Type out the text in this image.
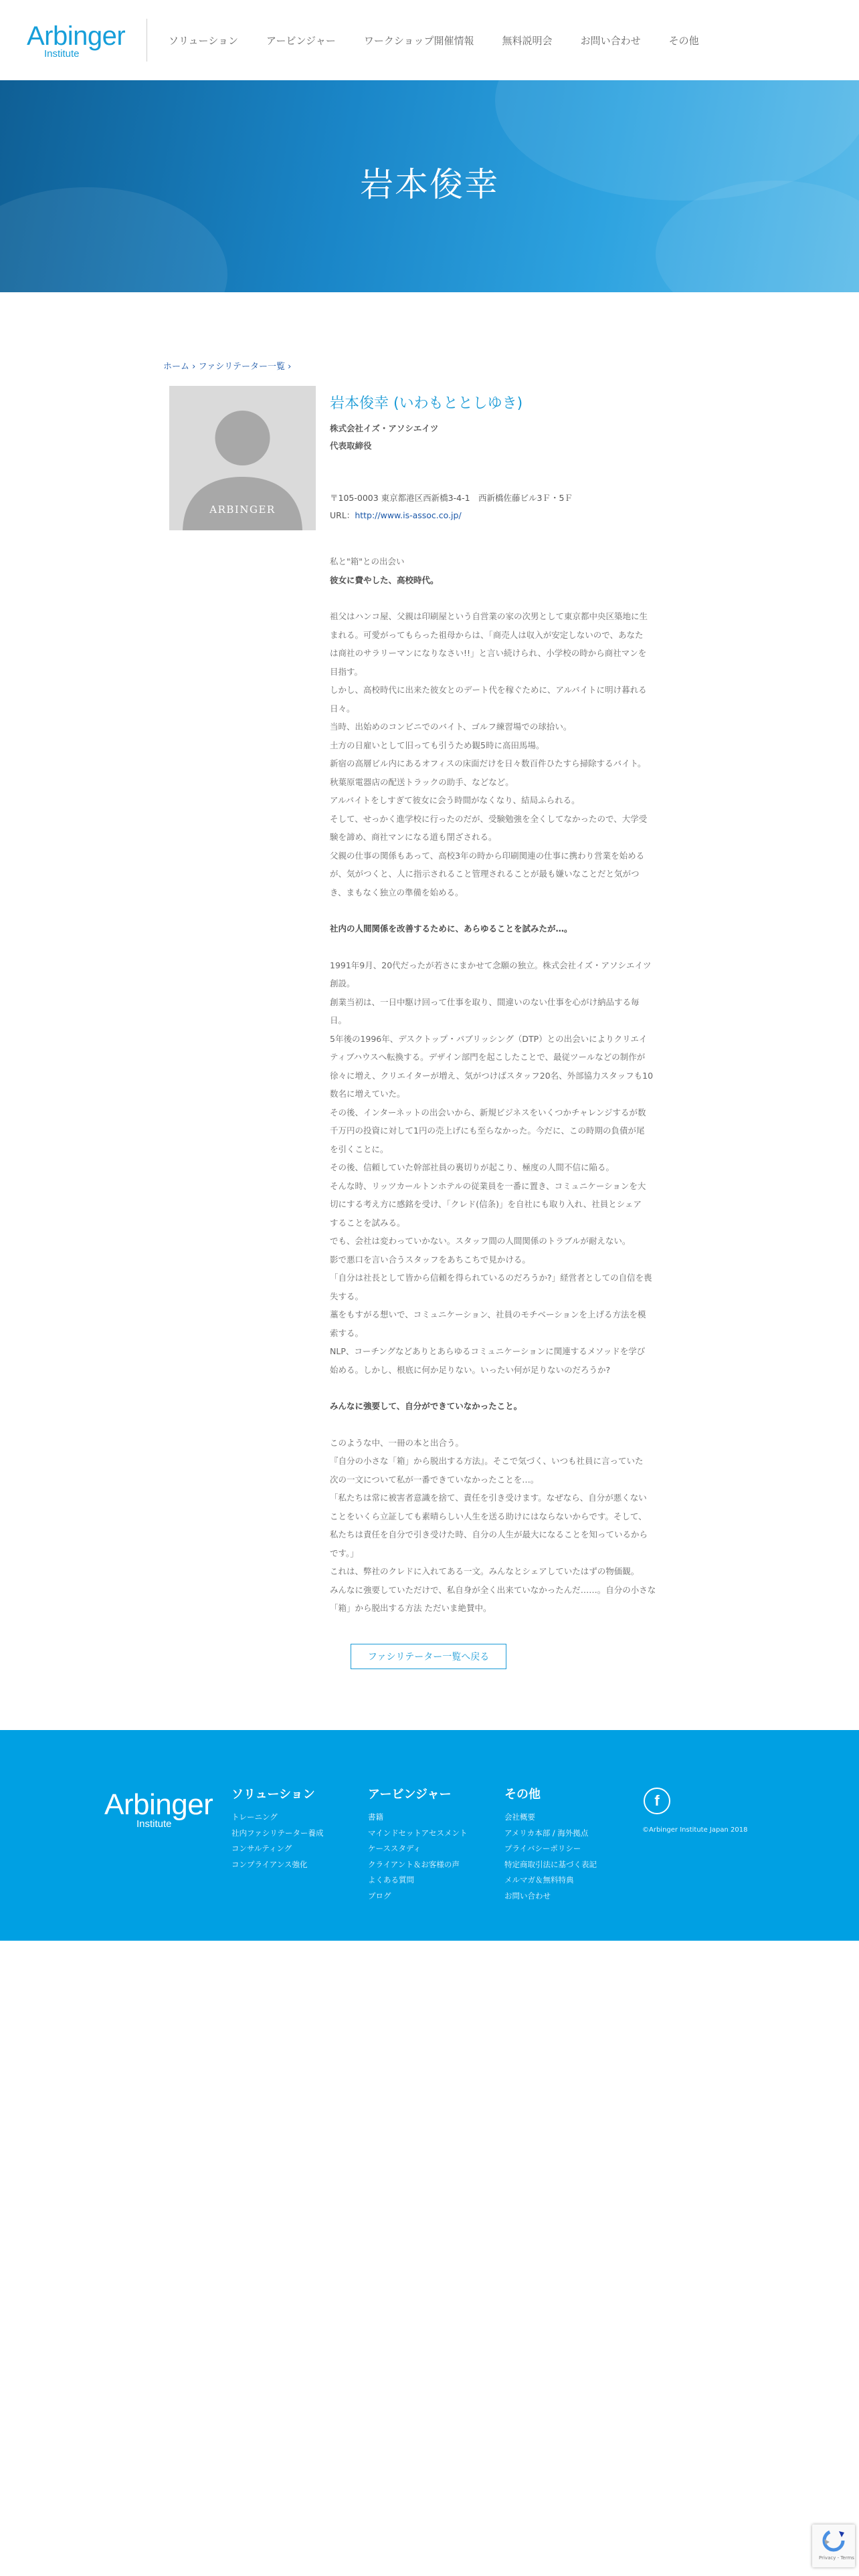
Arbinger
Institute
ソリューション	アービンジャー	ワークショップ開催情報	無料説明会	お問い合わせ	その他
岩本俊幸
ホーム › ファシリテーター一覧 ›
ARBINGER
岩本俊幸 (いわもととしゆき)
株式会社イズ・アソシエイツ
代表取締役
〒105-0003 東京都港区西新橋3-4-1　西新橋佐藤ビル3Ｆ・5Ｆ
URL：http://www.is-assoc.co.jp/
私と"箱"との出会い
彼女に費やした、高校時代。
祖父はハンコ屋、父親は印刷屋という自営業の家の次男として東京都中央区築地に生
まれる。可愛がってもらった祖母からは、「商売人は収入が安定しないので、あなた
は商社のサラリーマンになりなさい!!」と言い続けられ、小学校の時から商社マンを
目指す。
しかし、高校時代に出来た彼女とのデート代を稼ぐために、アルバイトに明け暮れる
日々。
当時、出始めのコンビニでのバイト、ゴルフ練習場での球拾い。
土方の日雇いとして旧っても引うため観5時に高田馬場。
新宿の高層ビル内にあるオフィスの床面だけを日々数百件ひたすら掃除するバイト。
秋葉原電器店の配送トラックの助手、などなど。
アルバイトをしすぎて彼女に会う時間がなくなり、結局ふられる。
そして、せっかく進学校に行ったのだが、受験勉強を全くしてなかったので、大学受
験を諦め、商社マンになる道も閉ざされる。
父親の仕事の関係もあって、高校3年の時から印刷関連の仕事に携わり営業を始める
が、気がつくと、人に指示されること管理されることが最も嫌いなことだと気がつ
き、まもなく独立の準備を始める。
社内の人間関係を改善するために、あらゆることを試みたが…。
1991年9月、20代だったが若さにまかせて念願の独立。株式会社イズ・アソシエイツ
創設。
創業当初は、一日中駆け回って仕事を取り、間違いのない仕事を心がけ納品する毎
日。
5年後の1996年、デスクトップ・パブリッシング（DTP）との出会いによりクリエイ
ティブハウスへ転換する。デザイン部門を起こしたことで、最従ツールなどの制作が
徐々に増え、クリエイターが増え、気がつけばスタッフ20名、外部協力スタッフも10
数名に増えていた。
その後、インターネットの出会いから、新規ビジネスをいくつかチャレンジするが数
千万円の投資に対して1円の売上げにも至らなかった。今だに、この時期の負債が尾
を引くことに。
その後、信頼していた幹部社員の裏切りが起こり、極度の人間不信に陥る。
そんな時、リッツカールトンホテルの従業員を一番に置き、コミュニケーションを大
切にする考え方に感銘を受け、「クレド(信条)」を自社にも取り入れ、社員とシェア
することを試みる。
でも、会社は変わっていかない。スタッフ間の人間関係のトラブルが耐えない。
影で悪口を言い合うスタッフをあちこちで見かける。
「自分は社長として皆から信頼を得られているのだろうか?」経営者としての自信を喪
失する。
藁をもすがる想いで、コミュニケーション、社員のモチベーションを上げる方法を模
索する。
NLP、コーチングなどありとあらゆるコミュニケーションに関連するメソッドを学び
始める。しかし、根底に何か足りない。いったい何が足りないのだろうか?
みんなに強要して、自分ができていなかったこと。
このような中、一冊の本と出合う。
『自分の小さな「箱」から脱出する方法』。そこで気づく、いつも社員に言っていた
次の一文について私が一番できていなかったことを…。
「私たちは常に被害者意識を捨て、責任を引き受けます。なぜなら、自分が悪くない
ことをいくら立証しても素晴らしい人生を送る助けにはならないからです。そして、
私たちは責任を自分で引き受けた時、自分の人生が最大になることを知っているから
です。」
これは、弊社のクレドに入れてある一文。みんなとシェアしていたはずの物価観。
みんなに強要していただけで、私自身が全く出来ていなかったんだ……。自分の小さな
「箱」から脱出する方法 ただいま絶賛中。
ファシリテーター一覧へ戻る
Arbinger
Institute
ソリューション
トレーニング
社内ファシリテーター養成
コンサルティング
コンプライアンス強化
アービンジャー
書籍
マインドセットアセスメント
ケーススタディ
クライアント＆お客様の声
よくある質問
ブログ
その他
会社概要
アメリカ本部 / 海外拠点
プライバシーポリシー
特定商取引法に基づく表記
メルマガ＆無料特典
お問い合わせ
f
©Arbinger Institute Japan 2018
Privacy - Terms
